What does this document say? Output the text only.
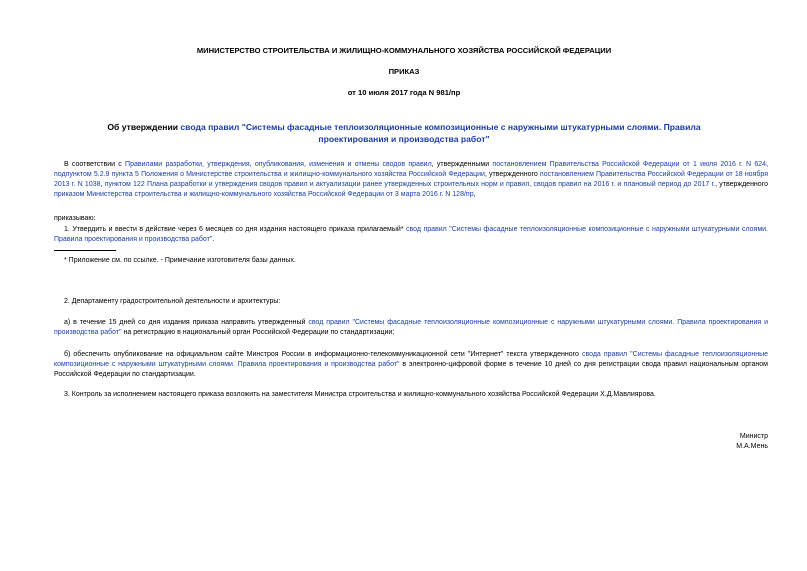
МИНИСТЕРСТВО СТРОИТЕЛЬСТВА И ЖИЛИЩНО-КОММУНАЛЬНОГО ХОЗЯЙСТВА РОССИЙСКОЙ ФЕДЕРАЦИИ
ПРИКАЗ
от 10 июля 2017 года N 981/пр
Об утверждении свода правил "Системы фасадные теплоизоляционные композиционные с наружными штукатурными слоями. Правила проектирования и производства работ"
В соответствии с Правилами разработки, утверждения, опубликования, изменения и отмены сводов правил, утвержденными постановлением Правительства Российской Федерации от 1 июля 2016 г. N 624, подпунктом 5.2.9 пункта 5 Положения о Министерстве строительства и жилищно-коммунального хозяйства Российской Федерации, утвержденного постановлением Правительства Российской Федерации от 18 ноября 2013 г. N 1038, пунктом 122 Плана разработки и утверждения сводов правил и актуализации ранее утвержденных строительных норм и правил, сводов правил на 2016 г. и плановый период до 2017 г., утвержденного приказом Министерства строительства и жилищно-коммунального хозяйства Российской Федерации от 3 марта 2016 г. N 128/пр,
приказываю:
1. Утвердить и ввести в действие через 6 месяцев со дня издания настоящего приказа прилагаемый* свод правил "Системы фасадные теплоизоляционные композиционные с наружными штукатурными слоями. Правила проектирования и производства работ".
* Приложение см. по ссылке. - Примечание изготовителя базы данных.
2. Департаменту градостроительной деятельности и архитектуры:
а) в течение 15 дней со дня издания приказа направить утвержденный свод правил "Системы фасадные теплоизоляционные композиционные с наружными штукатурными слоями. Правила проектирования и производства работ" на регистрацию в национальный орган Российской Федерации по стандартизации;
б) обеспечить опубликование на официальном сайте Минстроя России в информационно-телекоммуникационной сети "Интернет" текста утвержденного свода правил "Системы фасадные теплоизоляционные композиционные с наружными штукатурными слоями. Правила проектирования и производства работ" в электронно-цифровой форме в течение 10 дней со дня регистрации свода правил национальным органом Российской Федерации по стандартизации.
3. Контроль за исполнением настоящего приказа возложить на заместителя Министра строительства и жилищно-коммунального хозяйства Российской Федерации Х.Д.Мавлиярова.
Министр
М.А.Мень
